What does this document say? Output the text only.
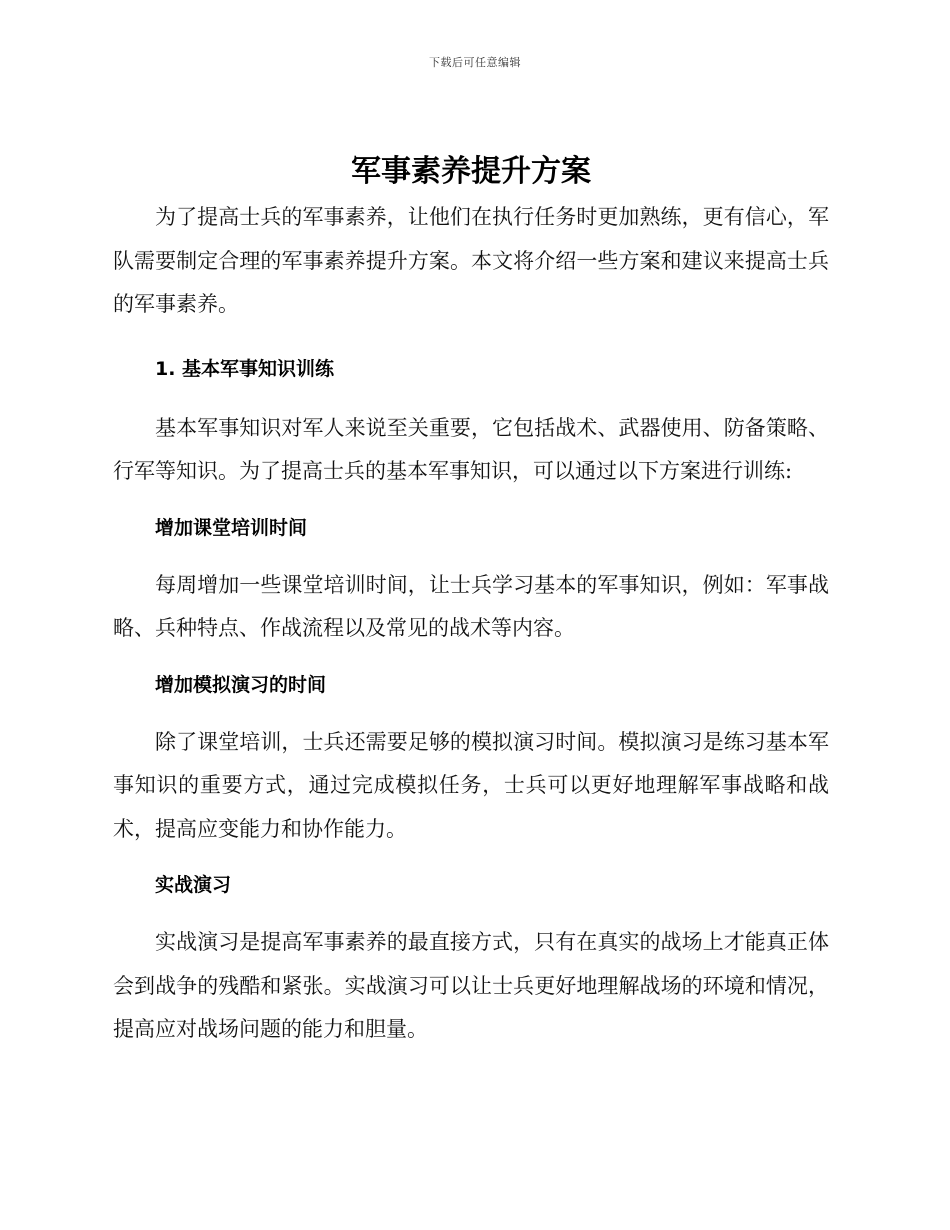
下载后可任意编辑
军事素养提升方案

为了提高士兵的军事素养，让他们在执行任务时更加熟练，更有信心，军队需要制定合理的军事素养提升方案。本文将介绍一些方案和建议来提高士兵的军事素养。

1. 基本军事知识训练

基本军事知识对军人来说至关重要，它包括战术、武器使用、防备策略、行军等知识。为了提高士兵的基本军事知识，可以通过以下方案进行训练:

增加课堂培训时间

每周增加一些课堂培训时间，让士兵学习基本的军事知识，例如：军事战略、兵种特点、作战流程以及常见的战术等内容。

增加模拟演习的时间

除了课堂培训，士兵还需要足够的模拟演习时间。模拟演习是练习基本军事知识的重要方式，通过完成模拟任务，士兵可以更好地理解军事战略和战术，提高应变能力和协作能力。

实战演习

实战演习是提高军事素养的最直接方式，只有在真实的战场上才能真正体会到战争的残酷和紧张。实战演习可以让士兵更好地理解战场的环境和情况，提高应对战场问题的能力和胆量。
